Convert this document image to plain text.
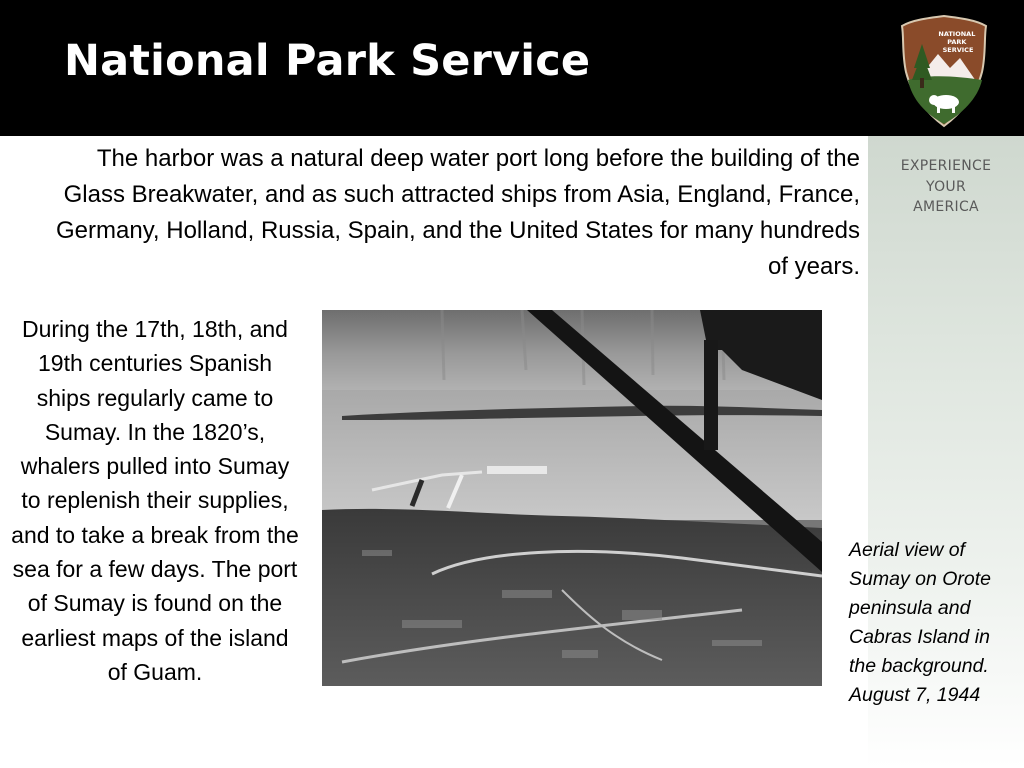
National Park Service
NATIONAL PARK SERVICE
EXPERIENCE
YOUR
AMERICA
The harbor was a natural deep water port long before the building of the Glass Breakwater, and as such attracted ships from Asia, England, France, Germany, Holland, Russia, Spain, and the United States for many hundreds of years.
During the 17th, 18th, and 19th centuries Spanish ships regularly came to Sumay. In the 1820’s, whalers pulled into Sumay to replenish their supplies, and to take a break from the sea for a few days. The port of Sumay is found on the earliest maps of the island of Guam.
Aerial view of
Sumay on Orote
peninsula and
Cabras Island in
the background.
August 7, 1944
